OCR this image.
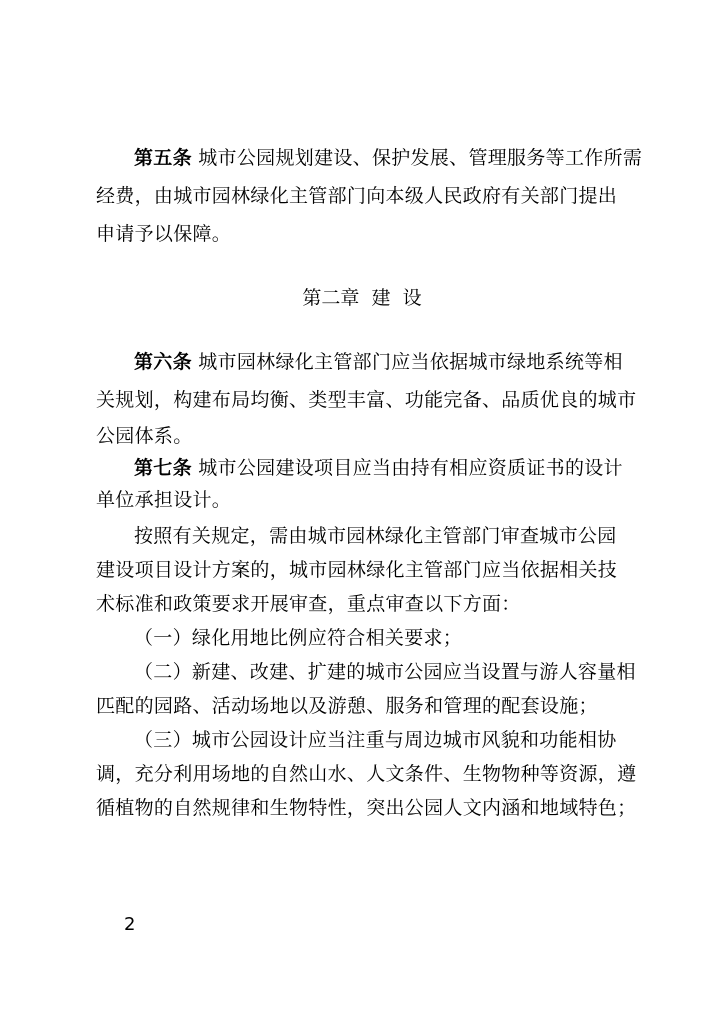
第五条 城市公园规划建设、保护发展、管理服务等工作所需
经费，由城市园林绿化主管部门向本级人民政府有关部门提出
申请予以保障。
第二章  建  设
第六条 城市园林绿化主管部门应当依据城市绿地系统等相
关规划，构建布局均衡、类型丰富、功能完备、品质优良的城市
公园体系。
第七条 城市公园建设项目应当由持有相应资质证书的设计
单位承担设计。
按照有关规定，需由城市园林绿化主管部门审查城市公园
建设项目设计方案的，城市园林绿化主管部门应当依据相关技
术标准和政策要求开展审查，重点审查以下方面：
（一）绿化用地比例应符合相关要求；
（二）新建、改建、扩建的城市公园应当设置与游人容量相
匹配的园路、活动场地以及游憩、服务和管理的配套设施；
（三）城市公园设计应当注重与周边城市风貌和功能相协
调，充分利用场地的自然山水、人文条件、生物物种等资源，遵
循植物的自然规律和生物特性，突出公园人文内涵和地域特色；
2
